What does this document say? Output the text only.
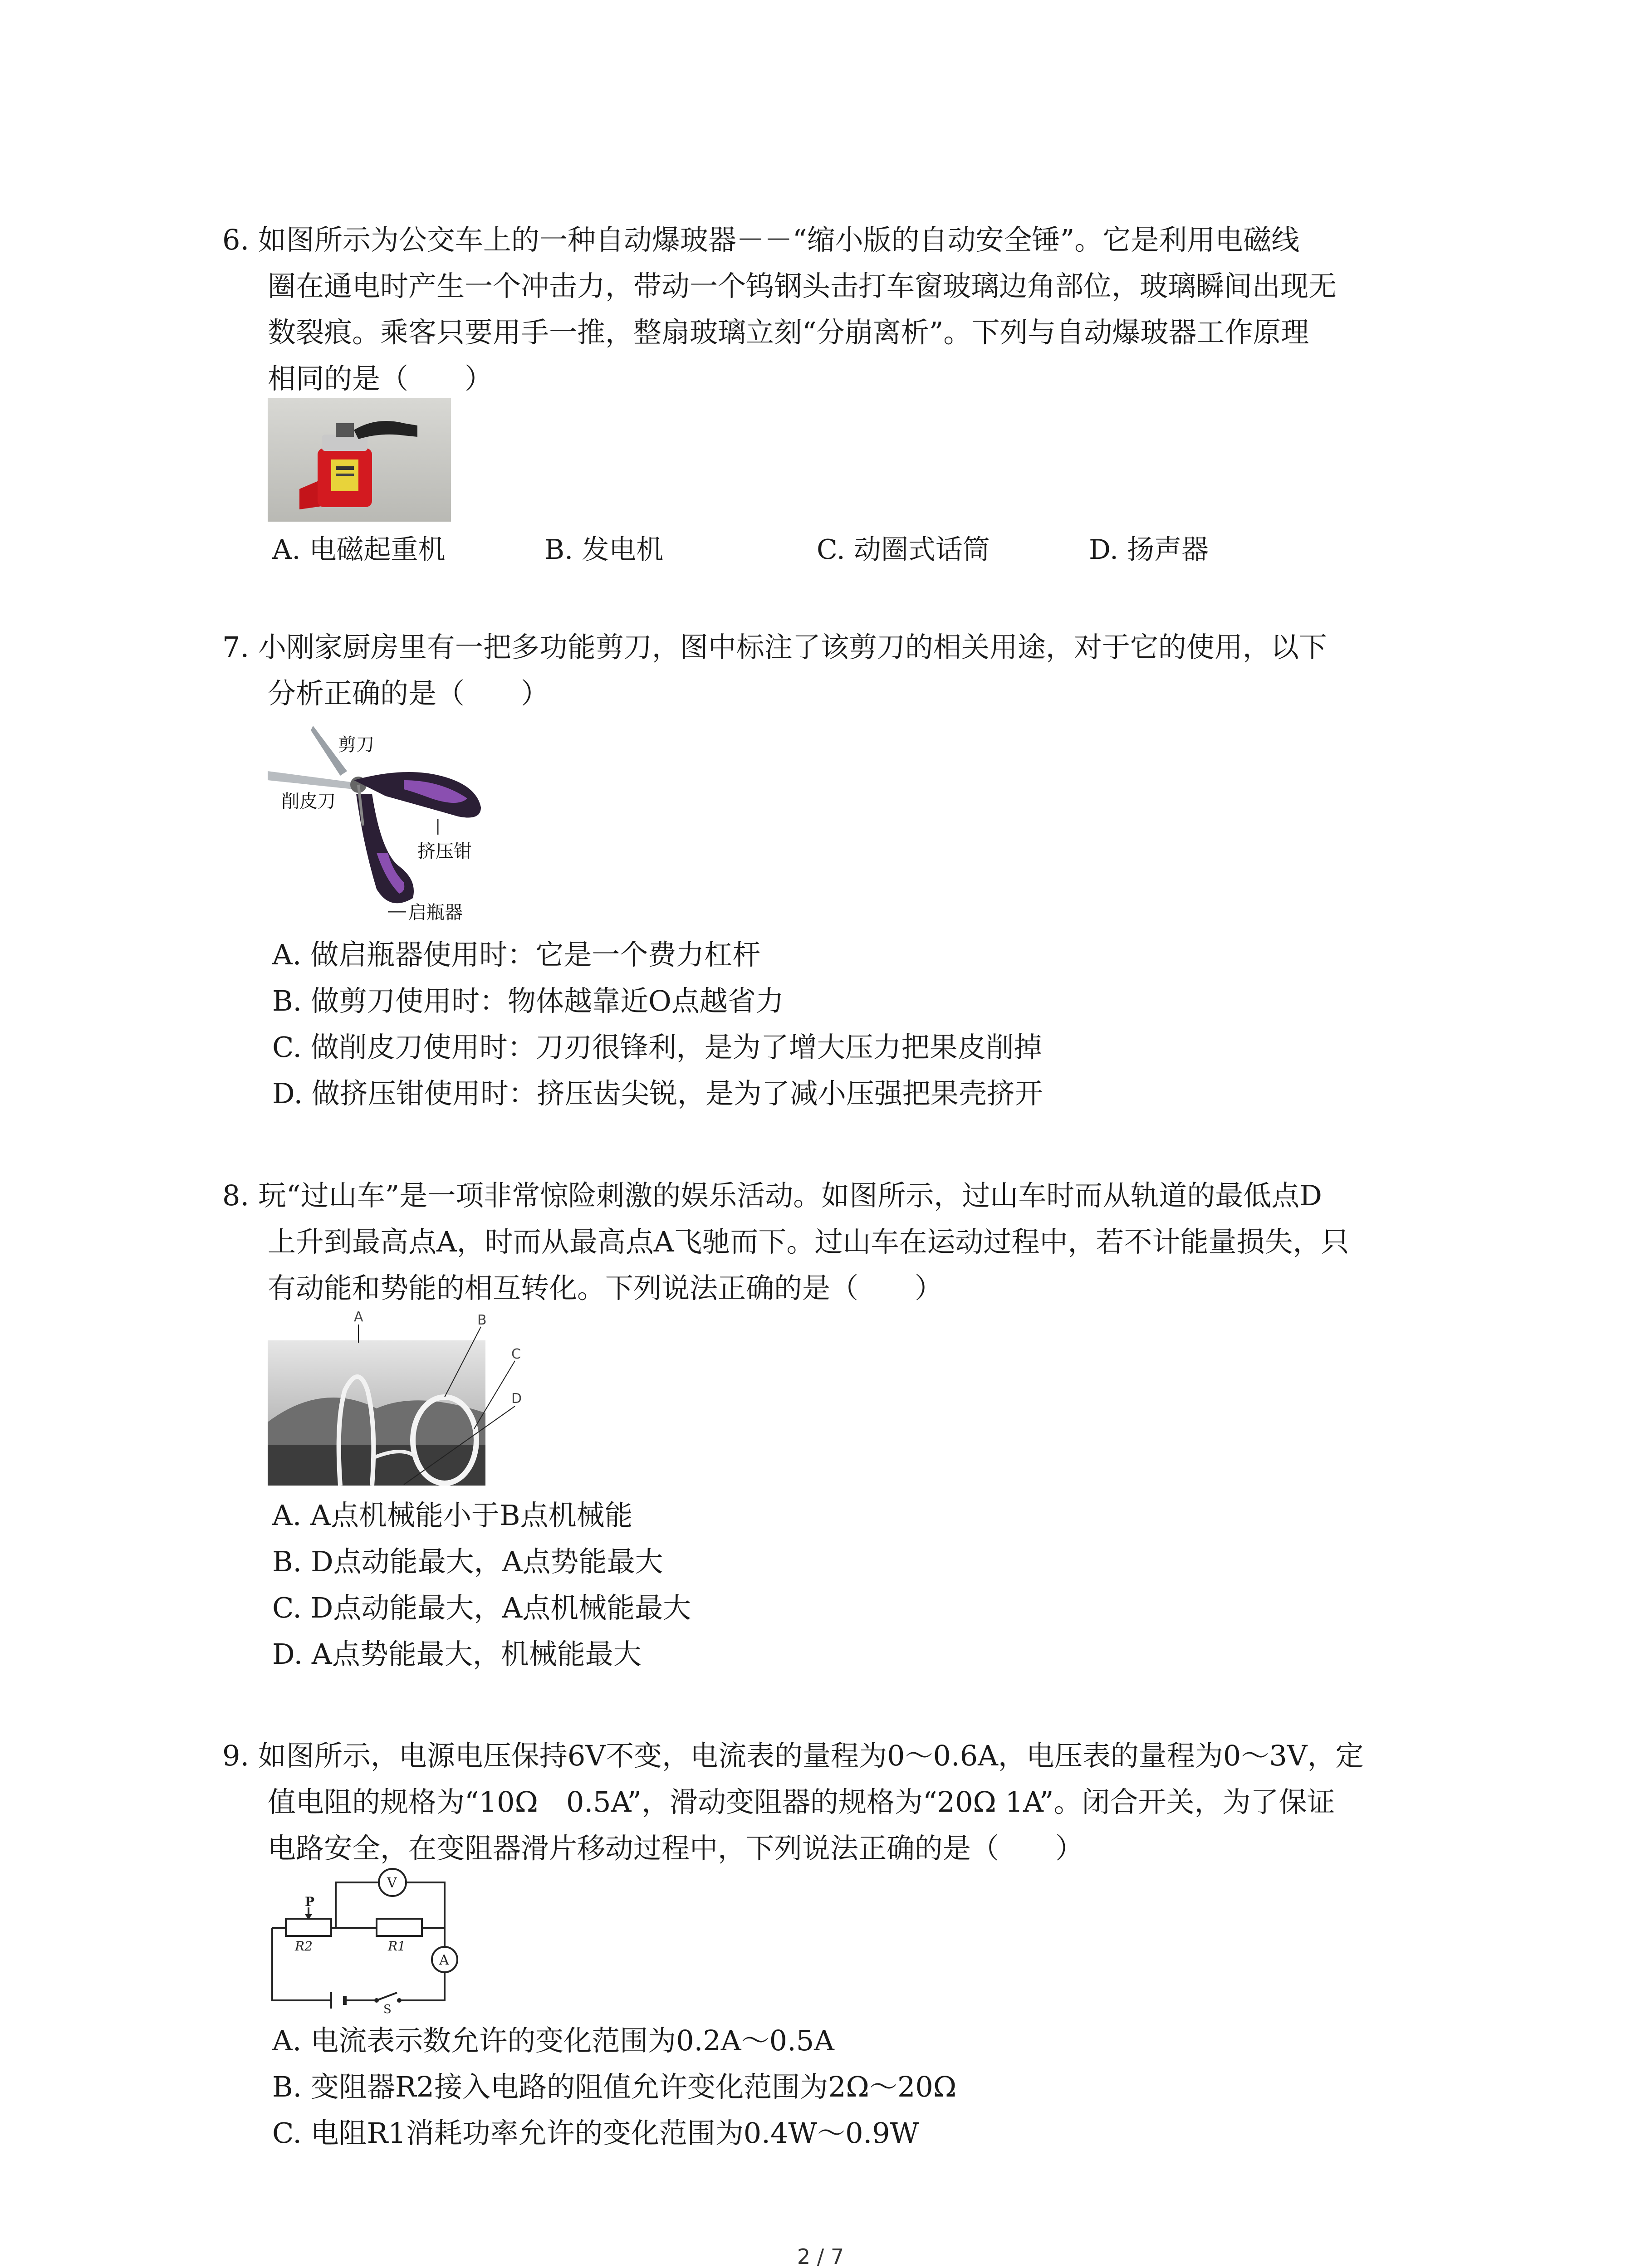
6. 如图所示为公交车上的一种自动爆玻器－－“缩小版的自动安全锤”。它是利用电磁线
圈在通电时产生一个冲击力，带动一个钨钢头击打车窗玻璃边角部位，玻璃瞬间出现无
数裂痕。乘客只要用手一推，整扇玻璃立刻“分崩离析”。下列与自动爆玻器工作原理
相同的是（　　）
A. 电磁起重机	B. 发电机	C. 动圈式话筒	D. 扬声器
7. 小刚家厨房里有一把多功能剪刀，图中标注了该剪刀的相关用途，对于它的使用，以下
分析正确的是（　　）
剪刀
削皮刀
挤压钳
启瓶器
A. 做启瓶器使用时：它是一个费力杠杆
B. 做剪刀使用时：物体越靠近O点越省力
C. 做削皮刀使用时：刀刃很锋利，是为了增大压力把果皮削掉
D. 做挤压钳使用时：挤压齿尖锐，是为了减小压强把果壳挤开
8. 玩“过山车”是一项非常惊险刺激的娱乐活动。如图所示，过山车时而从轨道的最低点D
上升到最高点A，时而从最高点A飞驰而下。过山车在运动过程中，若不计能量损失，只
有动能和势能的相互转化。下列说法正确的是（　　）
A	B
C
D
A. A点机械能小于B点机械能
B. D点动能最大，A点势能最大
C. D点动能最大，A点机械能最大
D. A点势能最大，机械能最大
9. 如图所示，电源电压保持6V不变，电流表的量程为0～0.6A，电压表的量程为0～3V，定
值电阻的规格为“10Ω　0.5A”，滑动变阻器的规格为“20Ω 1A”。闭合开关，为了保证
电路安全，在变阻器滑片移动过程中，下列说法正确的是（　　）
P
V
R2	R1
A
S
A. 电流表示数允许的变化范围为0.2A～0.5A
B. 变阻器R2接入电路的阻值允许变化范围为2Ω～20Ω
C. 电阻R1消耗功率允许的变化范围为0.4W～0.9W
2 / 7
